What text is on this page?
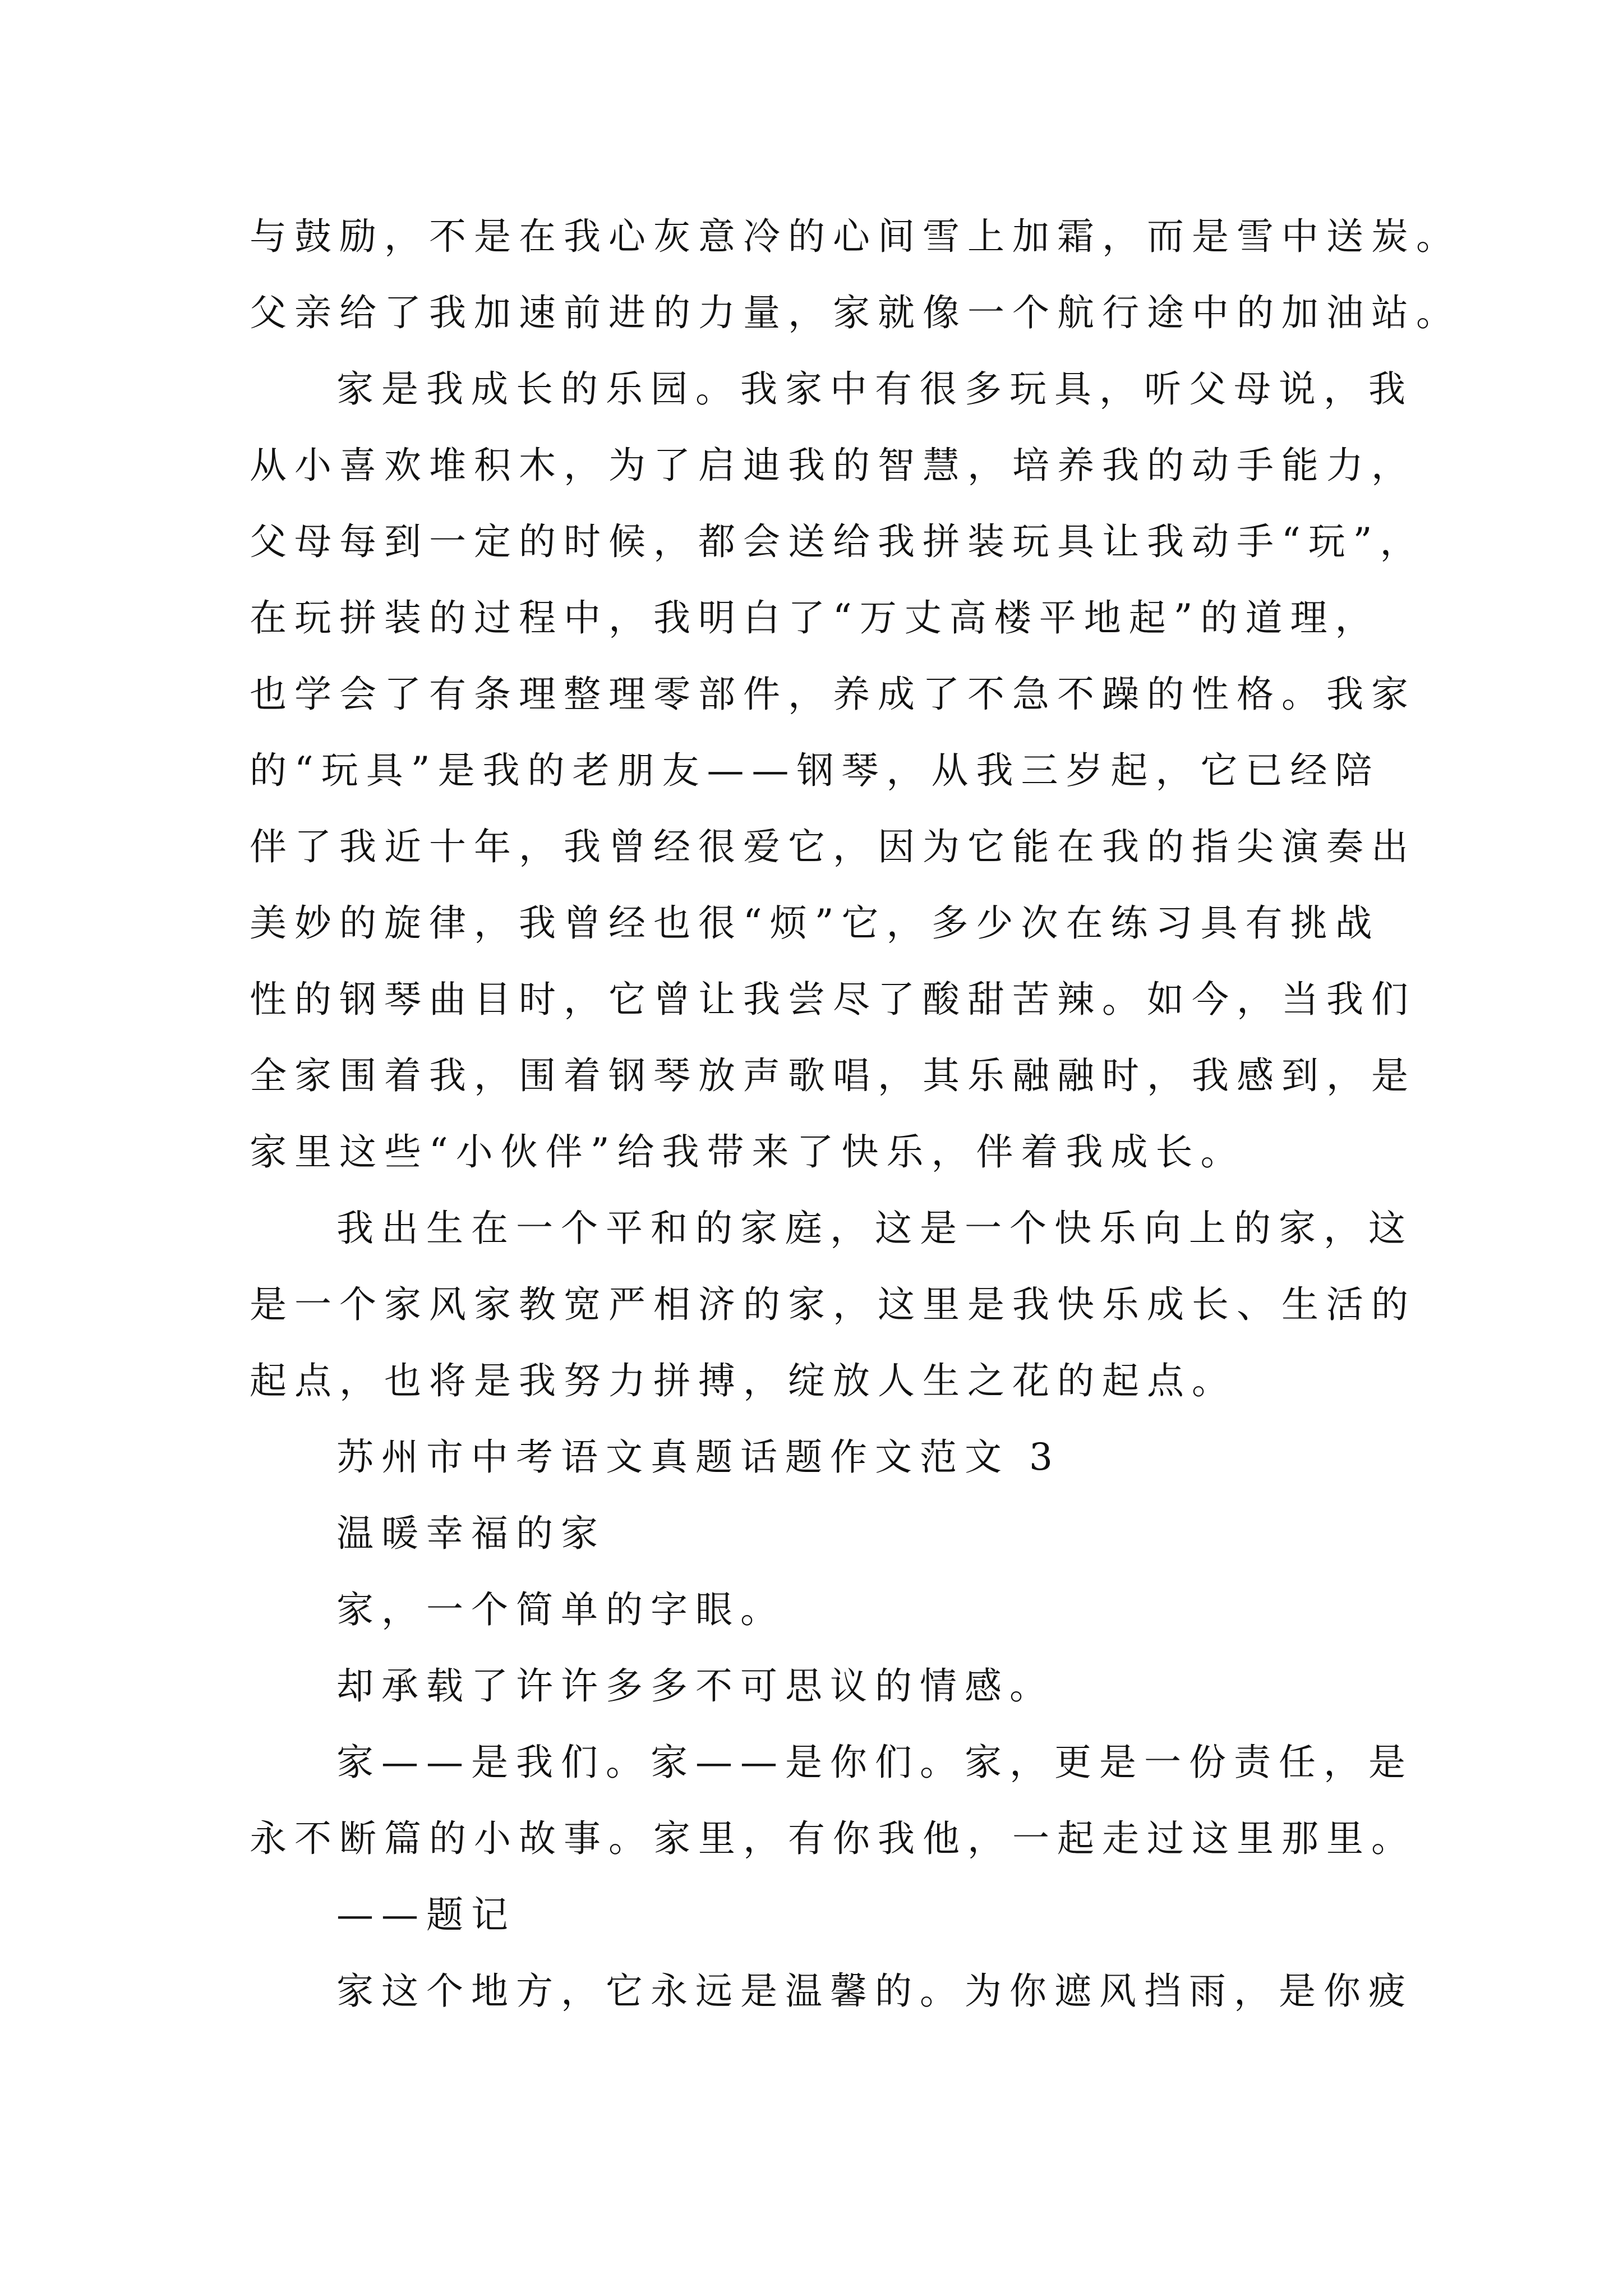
与鼓励，不是在我心灰意冷的心间雪上加霜，而是雪中送炭。

父亲给了我加速前进的力量，家就像一个航行途中的加油站。

家是我成长的乐园。我家中有很多玩具，听父母说，我

从小喜欢堆积木，为了启迪我的智慧，培养我的动手能力，

父母每到一定的时候，都会送给我拼装玩具让我动手“玩”，

在玩拼装的过程中，我明白了“万丈高楼平地起”的道理，

也学会了有条理整理零部件，养成了不急不躁的性格。我家

的“玩具”是我的老朋友——钢琴，从我三岁起，它已经陪

伴了我近十年，我曾经很爱它，因为它能在我的指尖演奏出

美妙的旋律，我曾经也很“烦”它，多少次在练习具有挑战

性的钢琴曲目时，它曾让我尝尽了酸甜苦辣。如今，当我们

全家围着我，围着钢琴放声歌唱，其乐融融时，我感到，是

家里这些“小伙伴”给我带来了快乐，伴着我成长。

我出生在一个平和的家庭，这是一个快乐向上的家，这

是一个家风家教宽严相济的家，这里是我快乐成长、生活的

起点，也将是我努力拼搏，绽放人生之花的起点。

苏州市中考语文真题话题作文范文 3

温暖幸福的家

家，一个简单的字眼。

却承载了许许多多不可思议的情感。

家——是我们。家——是你们。家，更是一份责任，是

永不断篇的小故事。家里，有你我他，一起走过这里那里。

——题记

家这个地方，它永远是温馨的。为你遮风挡雨，是你疲
